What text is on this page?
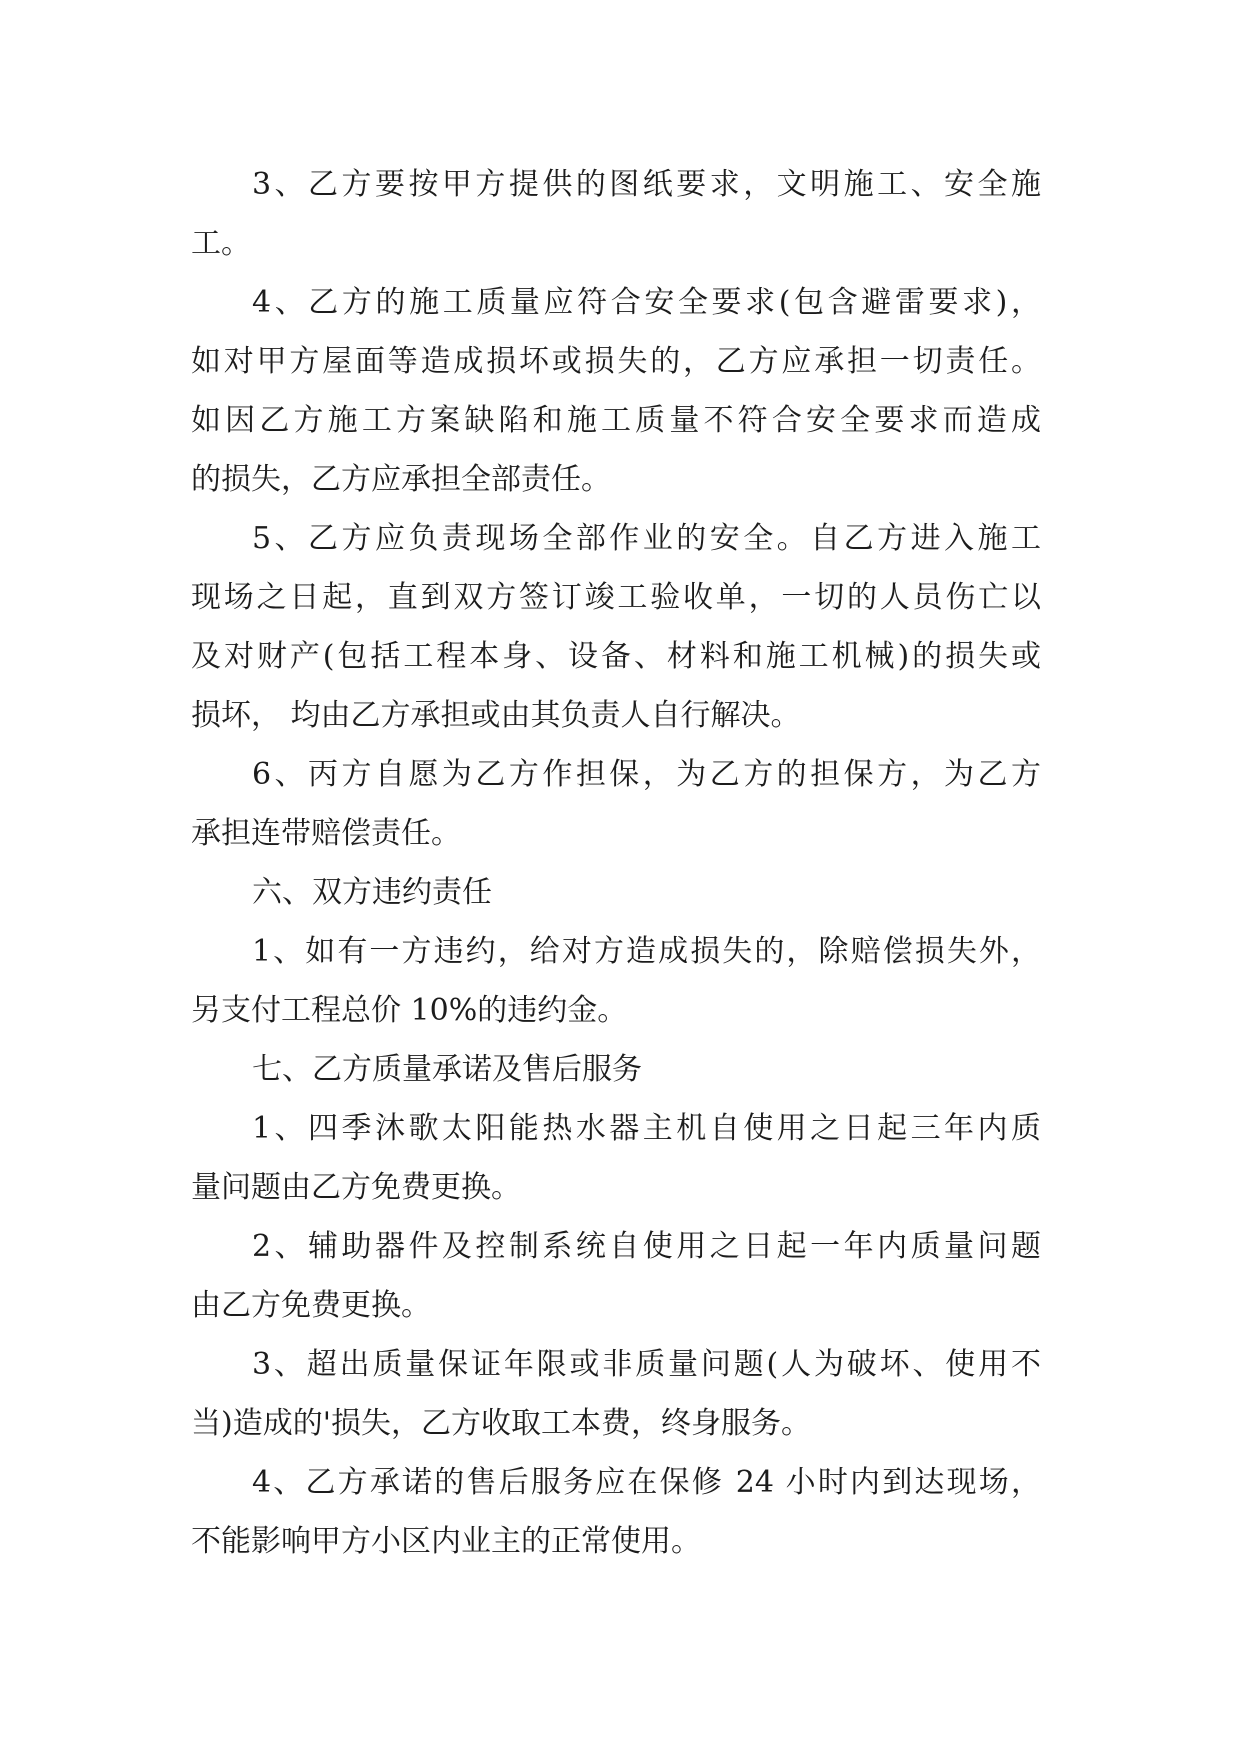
3、乙方要按甲方提供的图纸要求，文明施工、安全施

工。

4、乙方的施工质量应符合安全要求(包含避雷要求)，

如对甲方屋面等造成损坏或损失的，乙方应承担一切责任。

如因乙方施工方案缺陷和施工质量不符合安全要求而造成

的损失，乙方应承担全部责任。

5、乙方应负责现场全部作业的安全。自乙方进入施工

现场之日起，直到双方签订竣工验收单，一切的人员伤亡以

及对财产(包括工程本身、设备、材料和施工机械)的损失或

损坏， 均由乙方承担或由其负责人自行解决。

6、丙方自愿为乙方作担保，为乙方的担保方，为乙方

承担连带赔偿责任。

六、双方违约责任

1、如有一方违约，给对方造成损失的，除赔偿损失外，

另支付工程总价 10%的违约金。

七、乙方质量承诺及售后服务

1、四季沐歌太阳能热水器主机自使用之日起三年内质

量问题由乙方免费更换。

2、辅助器件及控制系统自使用之日起一年内质量问题

由乙方免费更换。

3、超出质量保证年限或非质量问题(人为破坏、使用不

当)造成的'损失，乙方收取工本费，终身服务。

4、乙方承诺的售后服务应在保修 24 小时内到达现场，

不能影响甲方小区内业主的正常使用。
